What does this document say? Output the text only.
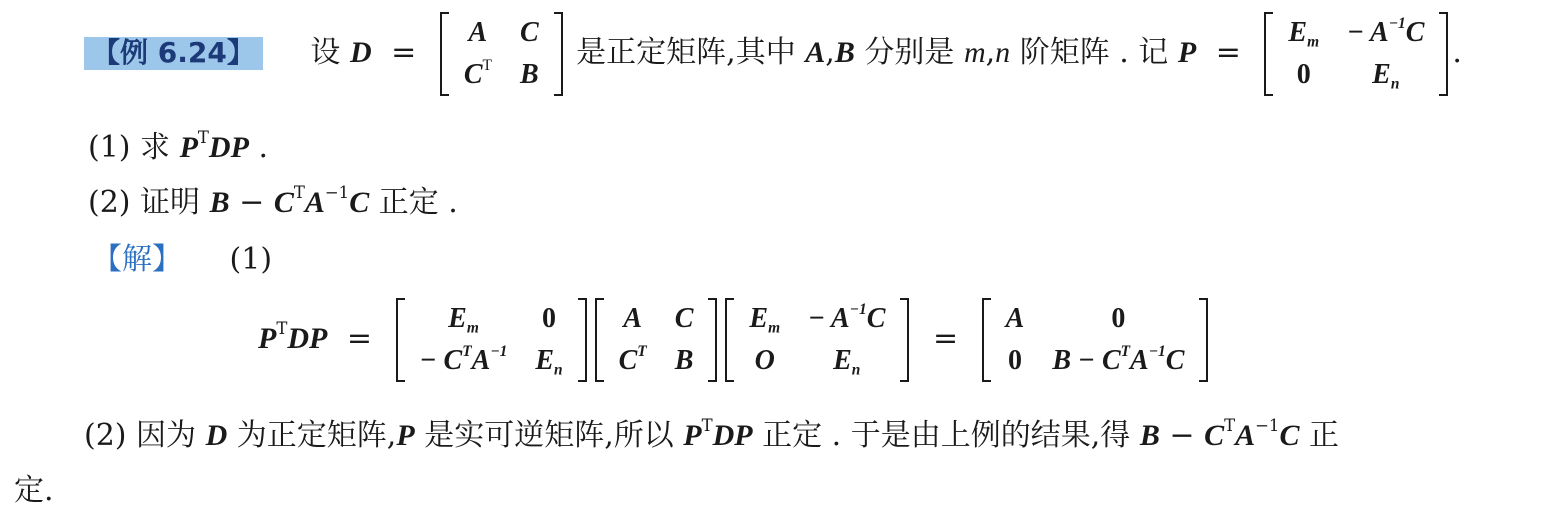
【例 6.24】 设 D =
A	C
$C^T$	B
是正定矩阵,其中 A,B 分别是 m,n 阶矩阵 . 记 P =
$E_m$	− $A^{-1}C$
0	$E_n$
.
(1) 求 $P^TDP$ .
(2) 证明 $B - C^TA^{-1}C$ 正定 .
【解】 (1)
$P^TDP$ =
$E_m$	0
− $C^TA^{-1}$	$E_n$
A	C
$C^T$	B
$E_m$	− $A^{-1}C$
O	$E_n$
=
A	0
0	$B - C^TA^{-1}C$
(2) 因为 D 为正定矩阵,P 是实可逆矩阵,所以 $P^TDP$ 正定 . 于是由上例的结果,得 $B - C^TA^{-1}C$ 正
定.
